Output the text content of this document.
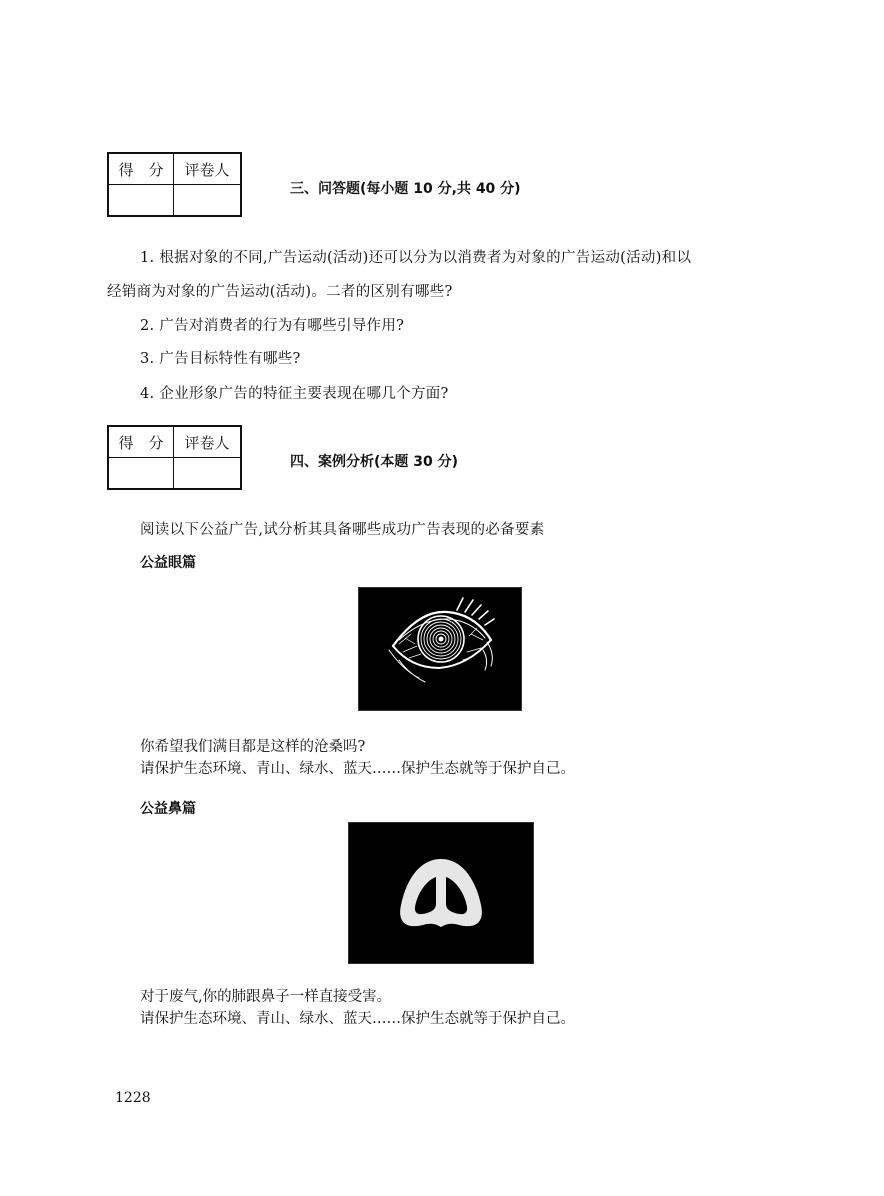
得　分	评卷人

三、问答题(每小题 10 分,共 40 分)
1. 根据对象的不同,广告运动(活动)还可以分为以消费者为对象的广告运动(活动)和以
经销商为对象的广告运动(活动)。二者的区别有哪些?
2. 广告对消费者的行为有哪些引导作用?
3. 广告目标特性有哪些?
4. 企业形象广告的特征主要表现在哪几个方面?
得　分	评卷人

四、案例分析(本题 30 分)
阅读以下公益广告,试分析其具备哪些成功广告表现的必备要素
公益眼篇
你希望我们满目都是这样的沧桑吗?
请保护生态环境、青山、绿水、蓝天……保护生态就等于保护自己。
公益鼻篇
对于废气,你的肺跟鼻子一样直接受害。
请保护生态环境、青山、绿水、蓝天……保护生态就等于保护自己。
1228
